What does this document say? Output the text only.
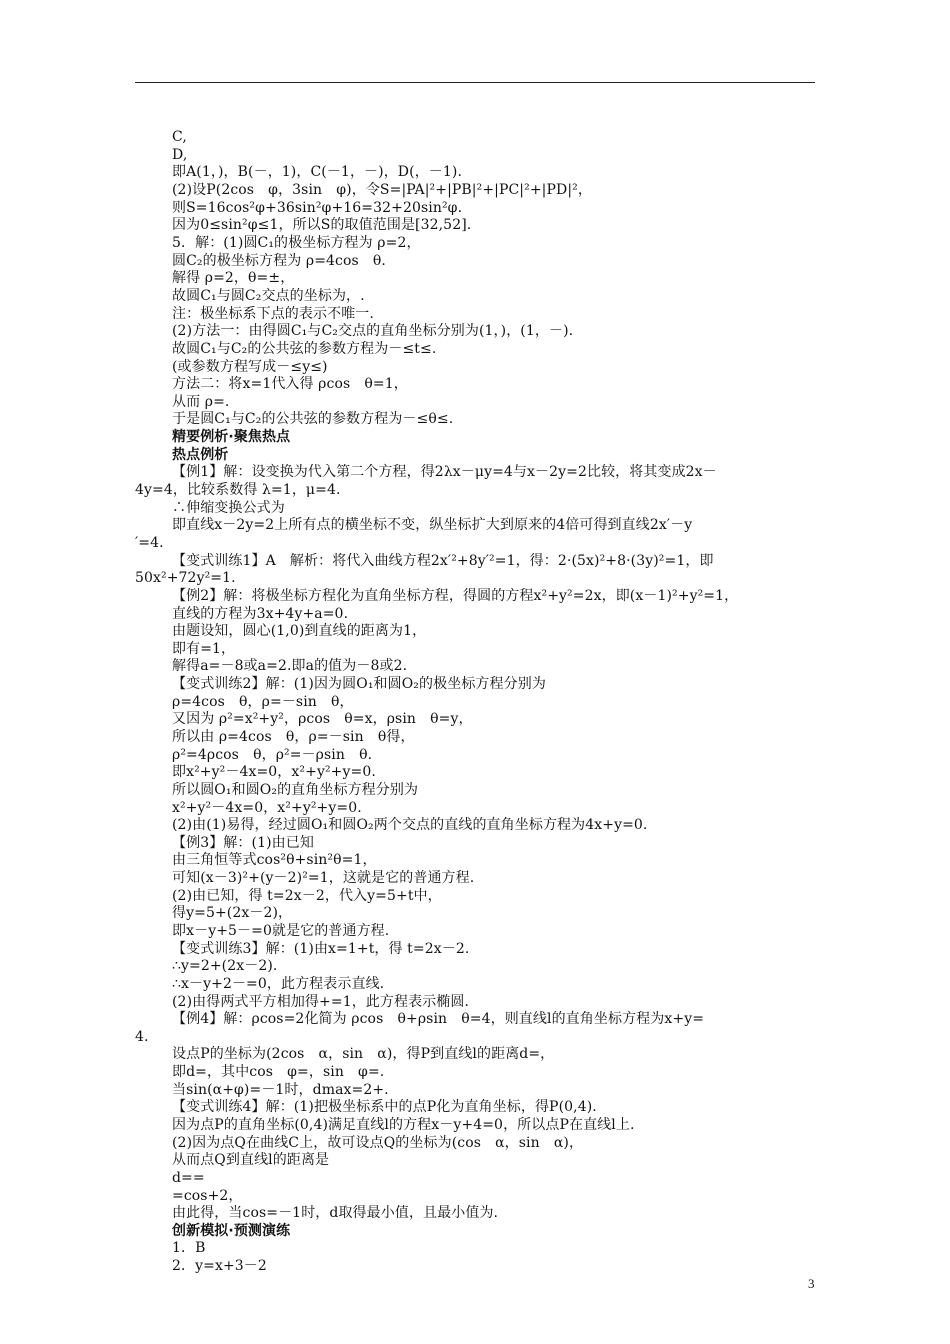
C,
D,
即A(1，)，B(－，1)，C(－1，－)，D(，－1).
(2)设P(2cos　φ，3sin　φ)，令S=|PA|²+|PB|²+|PC|²+|PD|²，
则S=16cos²φ+36sin²φ+16=32+20sin²φ.
因为0≤sin²φ≤1，所以S的取值范围是[32,52].
5．解：(1)圆C₁的极坐标方程为 ρ=2，
圆C₂的极坐标方程为 ρ=4cos　θ.
解得 ρ=2，θ=±，
故圆C₁与圆C₂交点的坐标为，.
注：极坐标系下点的表示不唯一.
(2)方法一：由得圆C₁与C₂交点的直角坐标分别为(1，)，(1，－).
故圆C₁与C₂的公共弦的参数方程为－≤t≤.
(或参数方程写成－≤y≤)
方法二：将x=1代入得 ρcos　θ=1，
从而 ρ=.
于是圆C₁与C₂的公共弦的参数方程为－≤θ≤.
精要例析·聚焦热点
热点例析
【例1】解：设变换为代入第二个方程，得2λx－μy=4与x－2y=2比较，将其变成2x－
4y=4，比较系数得 λ=1，μ=4.
∴伸缩变换公式为
即直线x－2y=2上所有点的横坐标不变，纵坐标扩大到原来的4倍可得到直线2x′－y
′=4.
【变式训练1】A　解析：将代入曲线方程2x′²+8y′²=1，得：2·(5x)²+8·(3y)²=1，即
50x²+72y²=1.
【例2】解：将极坐标方程化为直角坐标方程，得圆的方程x²+y²=2x，即(x－1)²+y²=1，
直线的方程为3x+4y+a=0.
由题设知，圆心(1,0)到直线的距离为1，
即有=1，
解得a=－8或a=2.即a的值为－8或2.
【变式训练2】解：(1)因为圆O₁和圆O₂的极坐标方程分别为
ρ=4cos　θ，ρ=－sin　θ，
又因为 ρ²=x²+y²，ρcos　θ=x，ρsin　θ=y，
所以由 ρ=4cos　θ，ρ=－sin　θ得，
ρ²=4ρcos　θ，ρ²=－ρsin　θ.
即x²+y²－4x=0，x²+y²+y=0.
所以圆O₁和圆O₂的直角坐标方程分别为
x²+y²－4x=0，x²+y²+y=0.
(2)由(1)易得，经过圆O₁和圆O₂两个交点的直线的直角坐标方程为4x+y=0.
【例3】解：(1)由已知
由三角恒等式cos²θ+sin²θ=1，
可知(x－3)²+(y－2)²=1，这就是它的普通方程.
(2)由已知，得 t=2x－2，代入y=5+t中，
得y=5+(2x－2)，
即x－y+5－=0就是它的普通方程.
【变式训练3】解：(1)由x=1+t，得 t=2x－2.
∴y=2+(2x－2).
∴x－y+2－=0，此方程表示直线.
(2)由得两式平方相加得+=1，此方程表示椭圆.
【例4】解：ρcos=2化简为 ρcos　θ+ρsin　θ=4，则直线l的直角坐标方程为x+y=
4.
设点P的坐标为(2cos　α，sin　α)，得P到直线l的距离d=，
即d=，其中cos　φ=，sin　φ=.
当sin(α+φ)=－1时，dmax=2+.
【变式训练4】解：(1)把极坐标系中的点P化为直角坐标，得P(0,4).
因为点P的直角坐标(0,4)满足直线l的方程x－y+4=0，所以点P在直线l上.
(2)因为点Q在曲线C上，故可设点Q的坐标为(cos　α，sin　α)，
从而点Q到直线l的距离是
d==
=cos+2，
由此得，当cos=－1时，d取得最小值，且最小值为.
创新模拟·预测演练
1．B
2．y=x+3－2
3
